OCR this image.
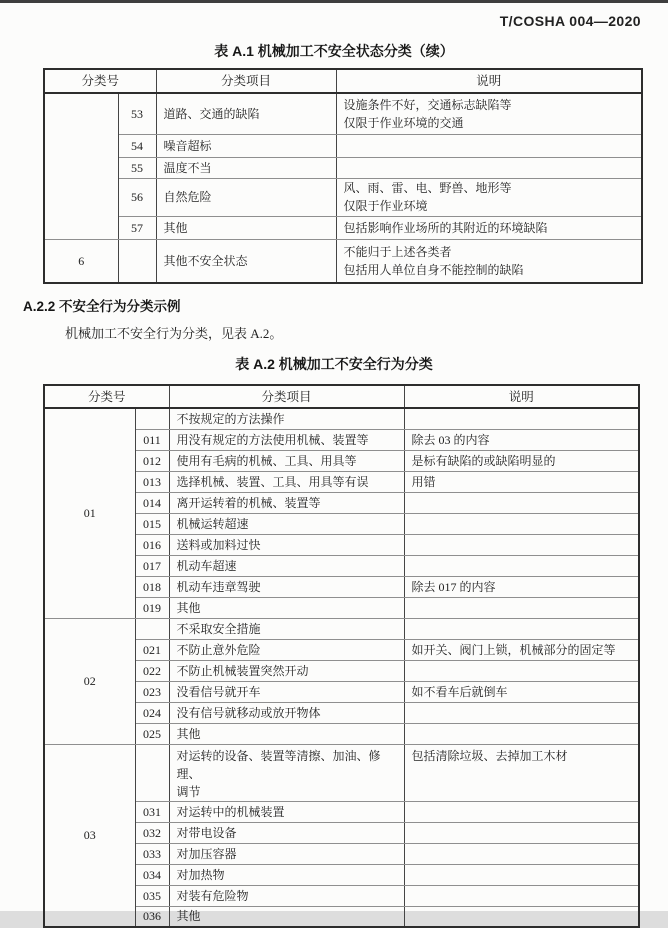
T/COSHA 004—2020
表 A.1 机械加工不安全状态分类（续）
分类号		分类项目	说明
	53	道路、交通的缺陷	设施条件不好，交通标志缺陷等
仅限于作业环境的交通

	54	噪音超标	
	55	温度不当	
	56	自然危险	风、雨、雷、电、野兽、地形等
仅限于作业环境

	57	其他	包括影响作业场所的其附近的环境缺陷
6		其他不安全状态	不能归于上述各类者
包括用人单位自身不能控制的缺陷
A.2.2 不安全行为分类示例
机械加工不安全行为分类，见表 A.2。
表 A.2 机械加工不安全行为分类
分类号		分类项目	说明
01		不按规定的方法操作	
	011	用没有规定的方法使用机械、装置等	除去 03 的内容
	012	使用有毛病的机械、工具、用具等	是标有缺陷的或缺陷明显的
	013	选择机械、装置、工具、用具等有误	用错
	014	离开运转着的机械、装置等	
	015	机械运转超速	
	016	送料或加料过快	
	017	机动车超速	
	018	机动车违章驾驶	除去 017 的内容
	019	其他	
02		不采取安全措施	
	021	不防止意外危险	如开关、阀门上锁，机械部分的固定等
	022	不防止机械装置突然开动	
	023	没看信号就开车	如不看车后就倒车
	024	没有信号就移动或放开物体	
	025	其他	
03		对运转的设备、装置等清擦、加油、修理、
调节	包括清除垃圾、去掉加工木材
	031	对运转中的机械装置	
	032	对带电设备	
	033	对加压容器	
	034	对加热物	
	035	对装有危险物	
	036	其他	
